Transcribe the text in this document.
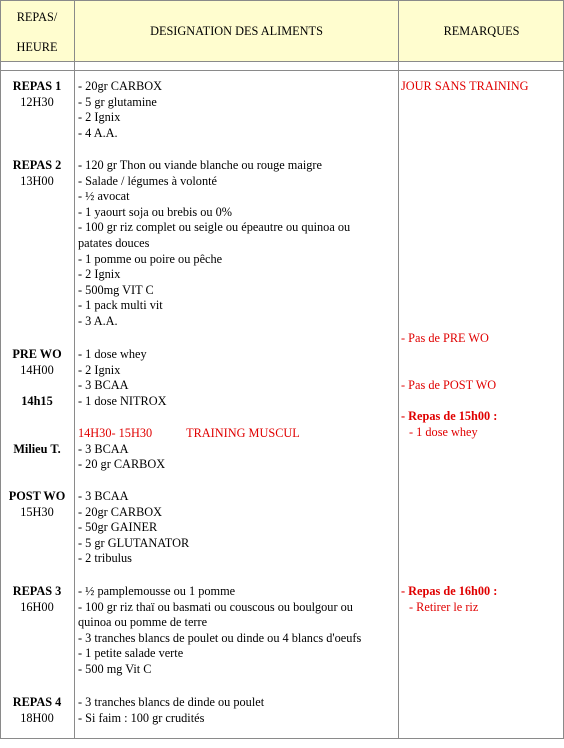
REPAS/
HEURE
DESIGNATION DES ALIMENTS	REMARQUES
REPAS 1
12H30
- 20gr CARBOX
- 5 gr glutamine
- 2 Ignix
- 4 A.A.
JOUR SANS TRAINING
REPAS 2
13H00
- 120 gr Thon ou viande blanche ou rouge maigre
- Salade / légumes à volonté
- ½ avocat
- 1 yaourt soja ou brebis ou 0%
- 100 gr riz complet ou seigle ou épeautre ou quinoa ou
patates douces
- 1 pomme ou poire ou pêche
- 2 Ignix
- 500mg VIT C
- 1 pack multi vit
- 3 A.A.
PRE WO
14H00
14h15
- 1 dose whey
- 2 Ignix
- 3 BCAA
- 1 dose NITROX
- Pas de PRE WO
- Pas de POST WO
- Repas de 15h00 :
- 1 dose whey
Milieu T.
14H30- 15H30	TRAINING MUSCUL
- 3 BCAA
- 20 gr CARBOX
POST WO
15H30
- 3 BCAA
- 20gr CARBOX
- 50gr GAINER
- 5 gr GLUTANATOR
- 2 tribulus
REPAS 3
16H00
- ½ pamplemousse ou 1 pomme
- 100 gr riz thaï ou basmati ou couscous ou boulgour ou
quinoa ou pomme de terre
- 3 tranches blancs de poulet ou dinde ou 4 blancs d'oeufs
- 1 petite salade verte
- 500 mg Vit C
- Repas de 16h00 :
- Retirer le riz
REPAS 4
18H00
- 3 tranches blancs de dinde ou poulet
- Si faim : 100 gr crudités
